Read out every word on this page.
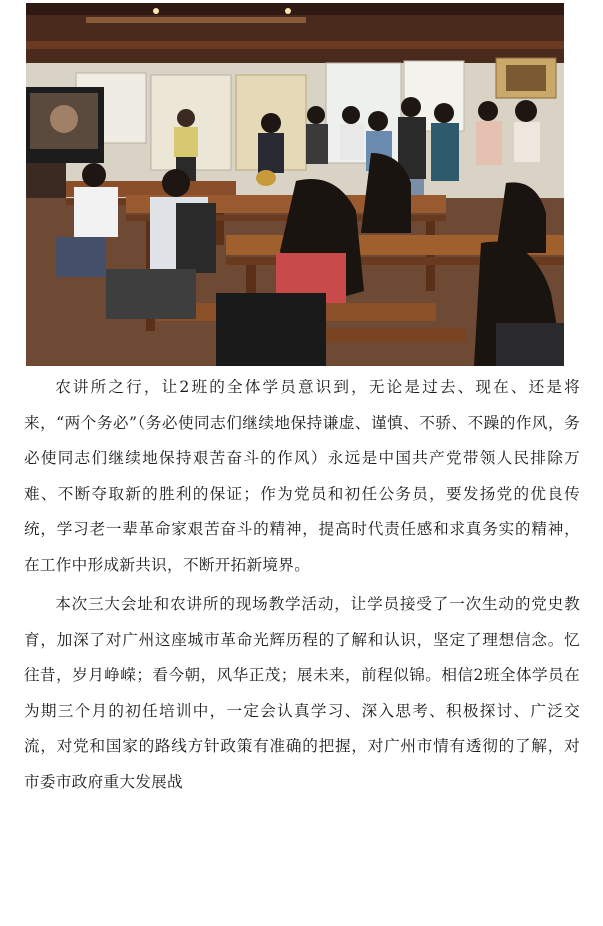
农讲所之行，让2班的全体学员意识到，无论是过去、现在、还是将来，“两个务必”（务必使同志们继续地保持谦虚、谨慎、不骄、不躁的作风，务必使同志们继续地保持艰苦奋斗的作风）永远是中国共产党带领人民排除万难、不断夺取新的胜利的保证；作为党员和初任公务员，要发扬党的优良传统，学习老一辈革命家艰苦奋斗的精神，提高时代责任感和求真务实的精神，在工作中形成新共识，不断开拓新境界。

本次三大会址和农讲所的现场教学活动，让学员接受了一次生动的党史教育，加深了对广州这座城市革命光辉历程的了解和认识，坚定了理想信念。忆往昔，岁月峥嵘；看今朝，风华正茂；展未来，前程似锦。相信2班全体学员在为期三个月的初任培训中，一定会认真学习、深入思考、积极探讨、广泛交流，对党和国家的路线方针政策有准确的把握，对广州市情有透彻的了解，对市委市政府重大发展战
